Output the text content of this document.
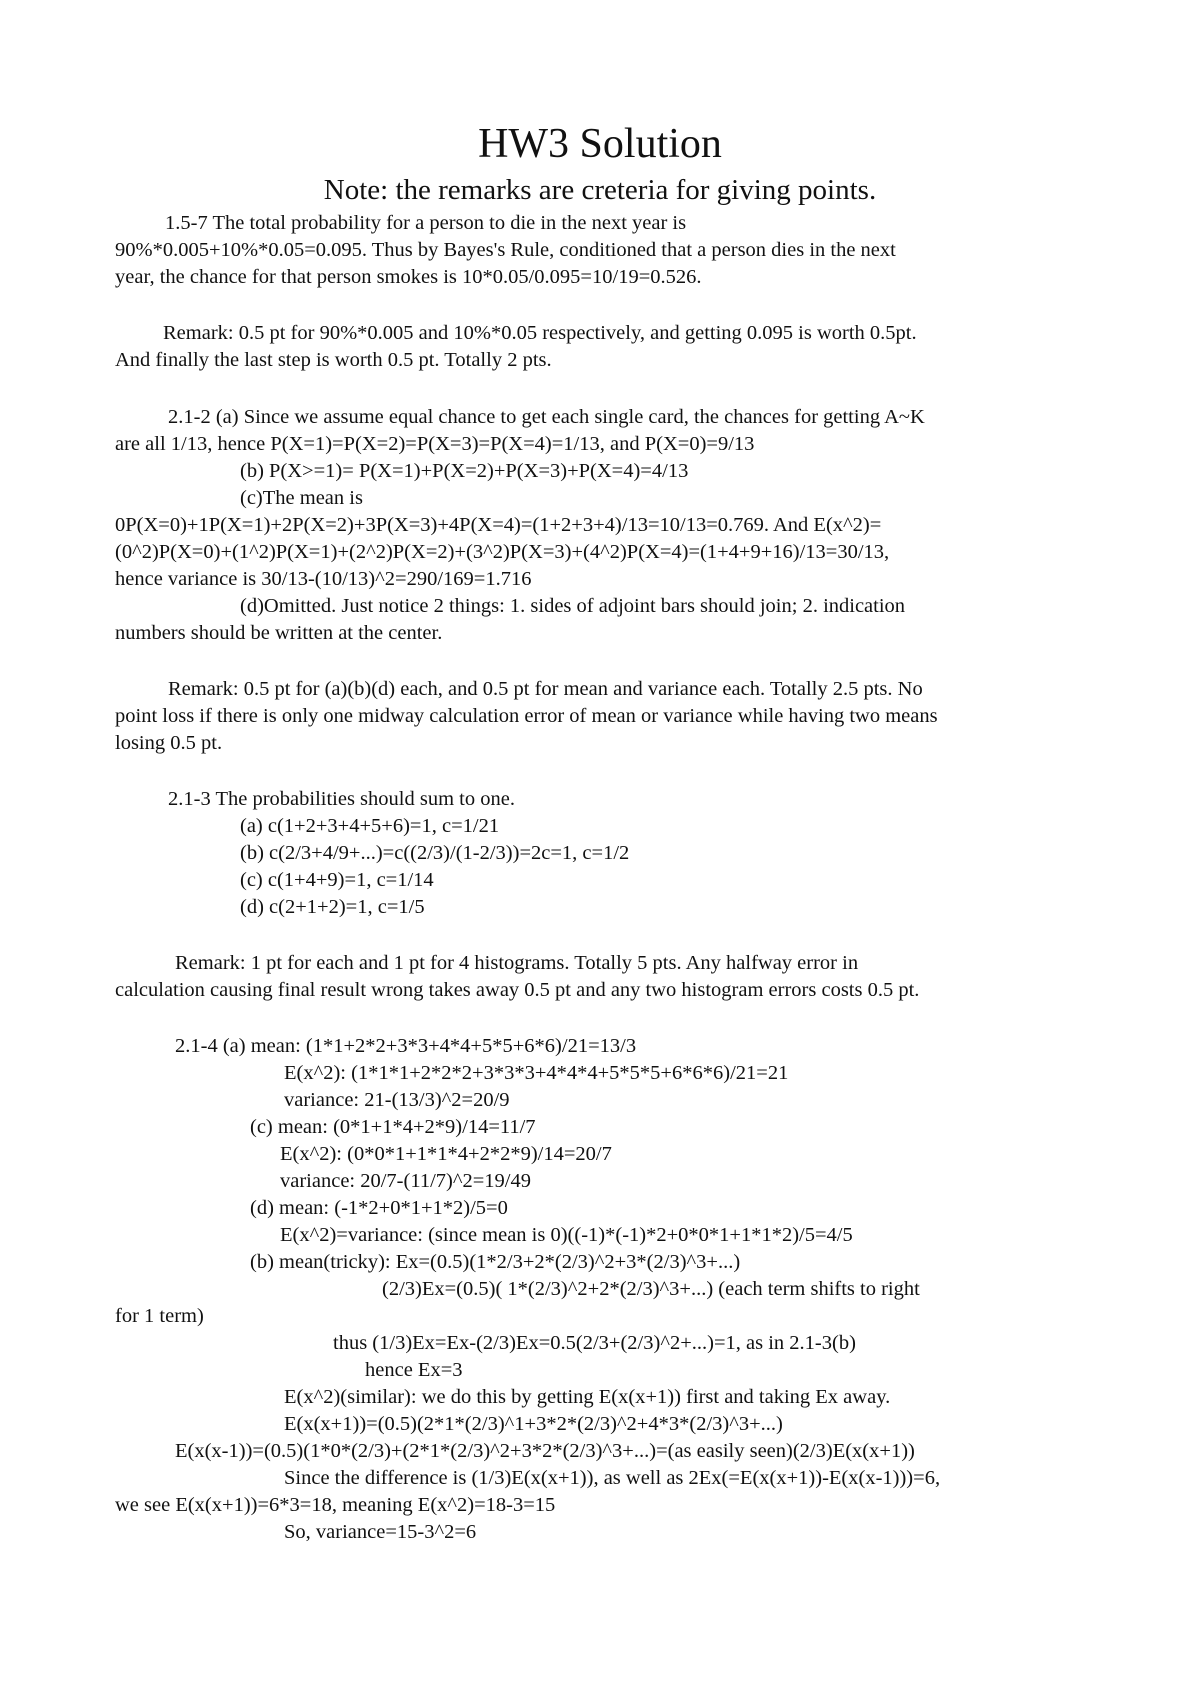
HW3 Solution
Note: the remarks are creteria for giving points.
1.5-7 The total probability for a person to die in the next year is
90%*0.005+10%*0.05=0.095. Thus by Bayes's Rule, conditioned that a person dies in the next
year, the chance for that person smokes is 10*0.05/0.095=10/19=0.526.
Remark: 0.5 pt for 90%*0.005 and 10%*0.05 respectively, and getting 0.095 is worth 0.5pt.
And finally the last step is worth 0.5 pt. Totally 2 pts.
2.1-2 (a) Since we assume equal chance to get each single card, the chances for getting A~K
are all 1/13, hence P(X=1)=P(X=2)=P(X=3)=P(X=4)=1/13, and P(X=0)=9/13
(b) P(X>=1)= P(X=1)+P(X=2)+P(X=3)+P(X=4)=4/13
(c)The mean is
0P(X=0)+1P(X=1)+2P(X=2)+3P(X=3)+4P(X=4)=(1+2+3+4)/13=10/13=0.769. And E(x^2)=
(0^2)P(X=0)+(1^2)P(X=1)+(2^2)P(X=2)+(3^2)P(X=3)+(4^2)P(X=4)=(1+4+9+16)/13=30/13,
hence variance is 30/13-(10/13)^2=290/169=1.716
(d)Omitted. Just notice 2 things: 1. sides of adjoint bars should join; 2. indication
numbers should be written at the center.
Remark: 0.5 pt for (a)(b)(d) each, and 0.5 pt for mean and variance each. Totally 2.5 pts. No
point loss if there is only one midway calculation error of mean or variance while having two means
losing 0.5 pt.
2.1-3 The probabilities should sum to one.
(a) c(1+2+3+4+5+6)=1, c=1/21
(b) c(2/3+4/9+...)=c((2/3)/(1-2/3))=2c=1, c=1/2
(c) c(1+4+9)=1, c=1/14
(d) c(2+1+2)=1, c=1/5
Remark: 1 pt for each and 1 pt for 4 histograms. Totally 5 pts. Any halfway error in
calculation causing final result wrong takes away 0.5 pt and any two histogram errors costs 0.5 pt.
2.1-4 (a) mean: (1*1+2*2+3*3+4*4+5*5+6*6)/21=13/3
E(x^2): (1*1*1+2*2*2+3*3*3+4*4*4+5*5*5+6*6*6)/21=21
variance: 21-(13/3)^2=20/9
(c) mean: (0*1+1*4+2*9)/14=11/7
E(x^2): (0*0*1+1*1*4+2*2*9)/14=20/7
variance: 20/7-(11/7)^2=19/49
(d) mean: (-1*2+0*1+1*2)/5=0
E(x^2)=variance: (since mean is 0)((-1)*(-1)*2+0*0*1+1*1*2)/5=4/5
(b) mean(tricky): Ex=(0.5)(1*2/3+2*(2/3)^2+3*(2/3)^3+...)
(2/3)Ex=(0.5)( 1*(2/3)^2+2*(2/3)^3+...) (each term shifts to right
for 1 term)
thus (1/3)Ex=Ex-(2/3)Ex=0.5(2/3+(2/3)^2+...)=1, as in 2.1-3(b)
hence Ex=3
E(x^2)(similar): we do this by getting E(x(x+1)) first and taking Ex away.
E(x(x+1))=(0.5)(2*1*(2/3)^1+3*2*(2/3)^2+4*3*(2/3)^3+...)
E(x(x-1))=(0.5)(1*0*(2/3)+(2*1*(2/3)^2+3*2*(2/3)^3+...)=(as easily seen)(2/3)E(x(x+1))
Since the difference is (1/3)E(x(x+1)), as well as 2Ex(=E(x(x+1))-E(x(x-1)))=6,
we see E(x(x+1))=6*3=18, meaning E(x^2)=18-3=15
So, variance=15-3^2=6
